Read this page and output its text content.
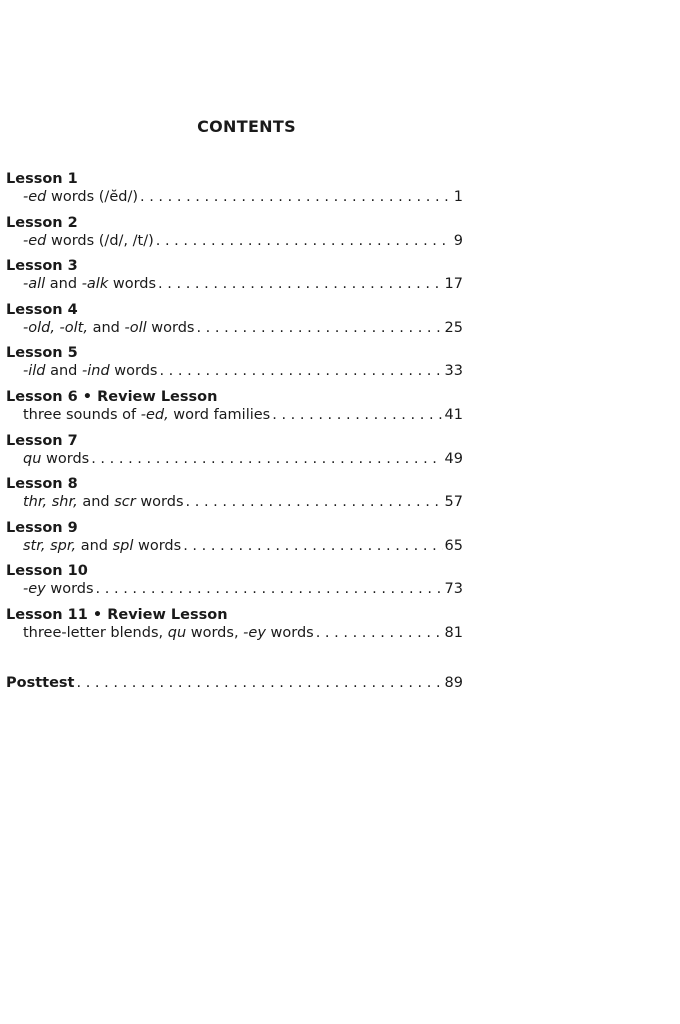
CONTENTS
Lesson 1
-ed words (/ĕd/) . . .	1
Lesson 2
-ed words (/d/, /t/) . . .	9
Lesson 3
-all and -alk words . . .	17
Lesson 4
-old, -olt, and -oll words . . .	25
Lesson 5
-ild and -ind words . . .	33
Lesson 6 • Review Lesson
three sounds of -ed, word families . . .	41
Lesson 7
qu words . . .	49
Lesson 8
thr, shr, and scr words . . .	57
Lesson 9
str, spr, and spl words . . .	65
Lesson 10
-ey words . . .	73
Lesson 11 • Review Lesson
three-letter blends, qu words, -ey words . . .	81
Posttest . . .	89
